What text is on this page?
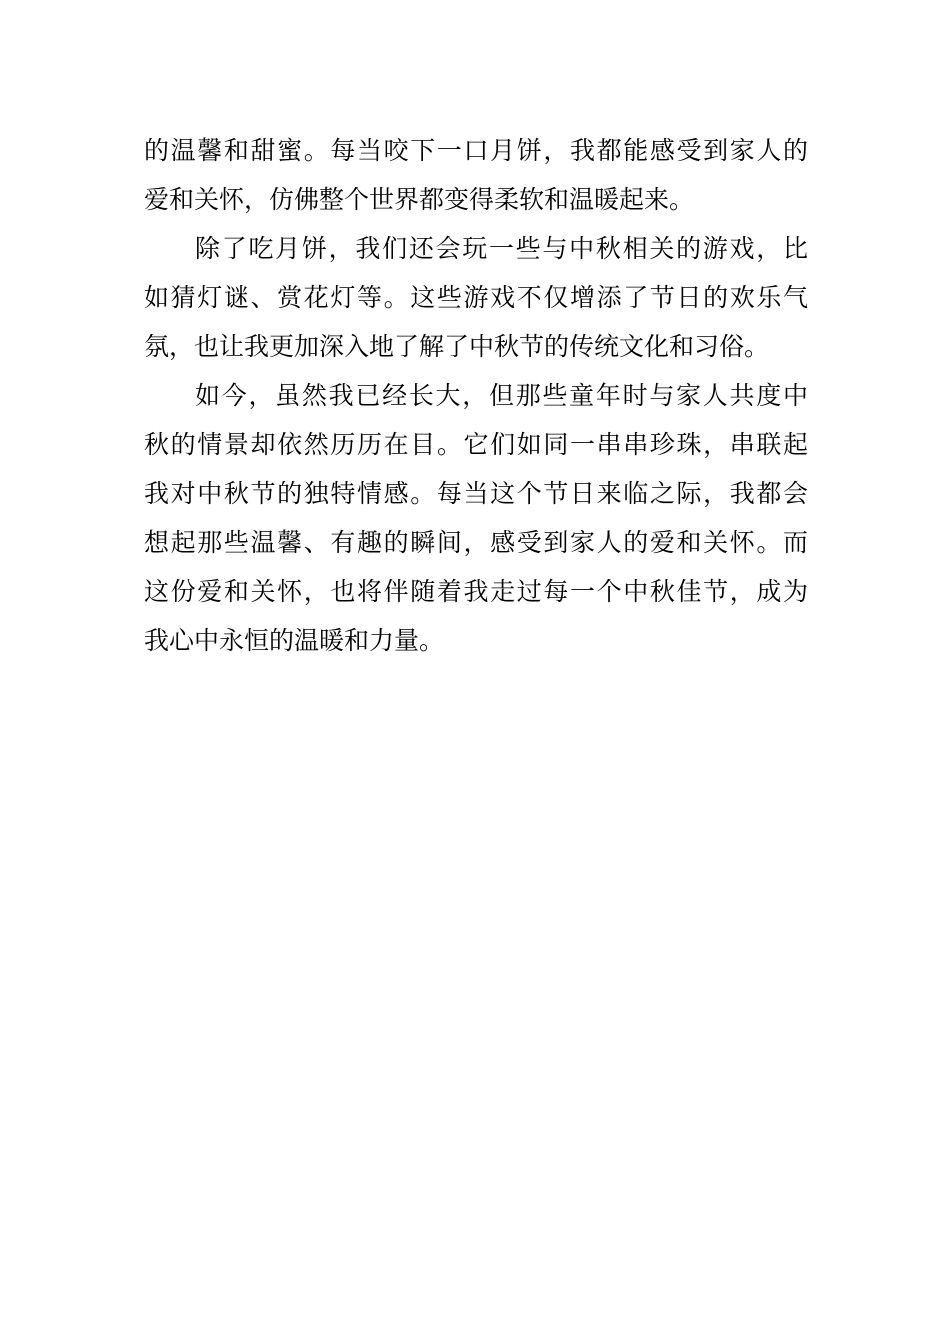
的温馨和甜蜜。每当咬下一口月饼，我都能感受到家人的
爱和关怀，仿佛整个世界都变得柔软和温暖起来。
除了吃月饼，我们还会玩一些与中秋相关的游戏，比
如猜灯谜、赏花灯等。这些游戏不仅增添了节日的欢乐气
氛，也让我更加深入地了解了中秋节的传统文化和习俗。
如今，虽然我已经长大，但那些童年时与家人共度中
秋的情景却依然历历在目。它们如同一串串珍珠，串联起
我对中秋节的独特情感。每当这个节日来临之际，我都会
想起那些温馨、有趣的瞬间，感受到家人的爱和关怀。而
这份爱和关怀，也将伴随着我走过每一个中秋佳节，成为
我心中永恒的温暖和力量。
